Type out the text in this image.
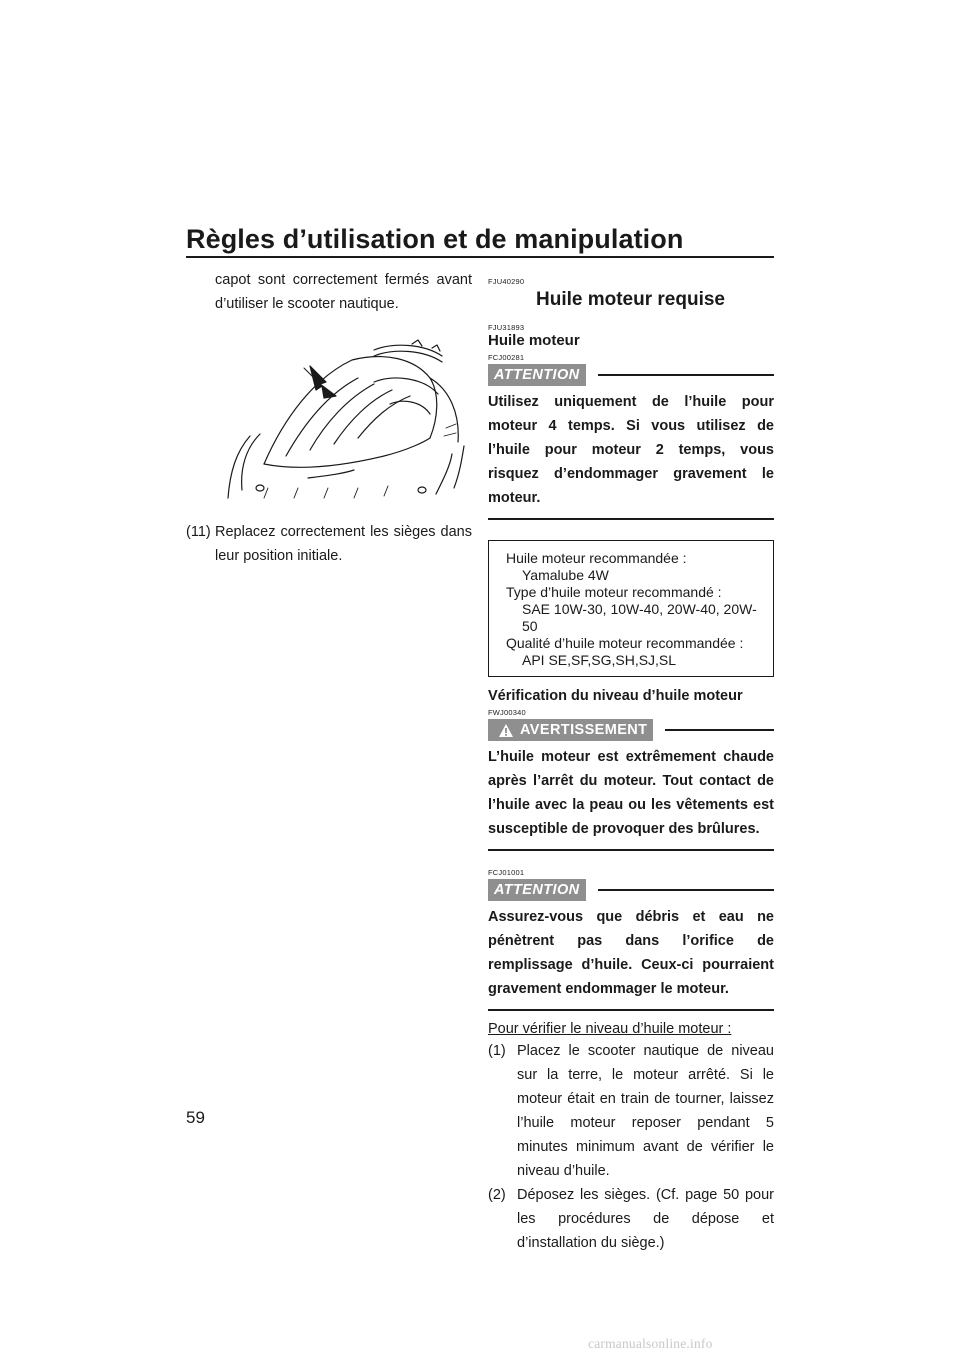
Règles d’utilisation et de manipulation
capot sont correctement fermés avant d’utiliser le scooter nautique.
(11) Replacez correctement les sièges dans leur position initiale.
59
FJU40290
Huile moteur requise
FJU31893
Huile moteur
FCJ00281
ATTENTION
Utilisez uniquement de l’huile pour moteur 4 temps. Si vous utilisez de l’huile pour moteur 2 temps, vous risquez d’endommager gravement le moteur.
Huile moteur recommandée :
Yamalube 4W
Type d’huile moteur recommandé :
SAE 10W-30, 10W-40, 20W-40, 20W-
50
Qualité d’huile moteur recommandée :
API SE,SF,SG,SH,SJ,SL
Vérification du niveau d’huile moteur
FWJ00340
AVERTISSEMENT
L’huile moteur est extrêmement chaude après l’arrêt du moteur. Tout contact de l’huile avec la peau ou les vêtements est susceptible de provoquer des brûlures.
FCJ01001
ATTENTION
Assurez-vous que débris et eau ne pénètrent pas dans l’orifice de remplissage d’huile. Ceux-ci pourraient gravement endommager le moteur.
Pour vérifier le niveau d’huile moteur :
(1) Placez le scooter nautique de niveau sur la terre, le moteur arrêté. Si le moteur était en train de tourner, laissez l’huile moteur reposer pendant 5 minutes minimum avant de vérifier le niveau d’huile.
(2) Déposez les sièges. (Cf. page 50 pour les procédures de dépose et d’installation du siège.)
carmanualsonline.info
